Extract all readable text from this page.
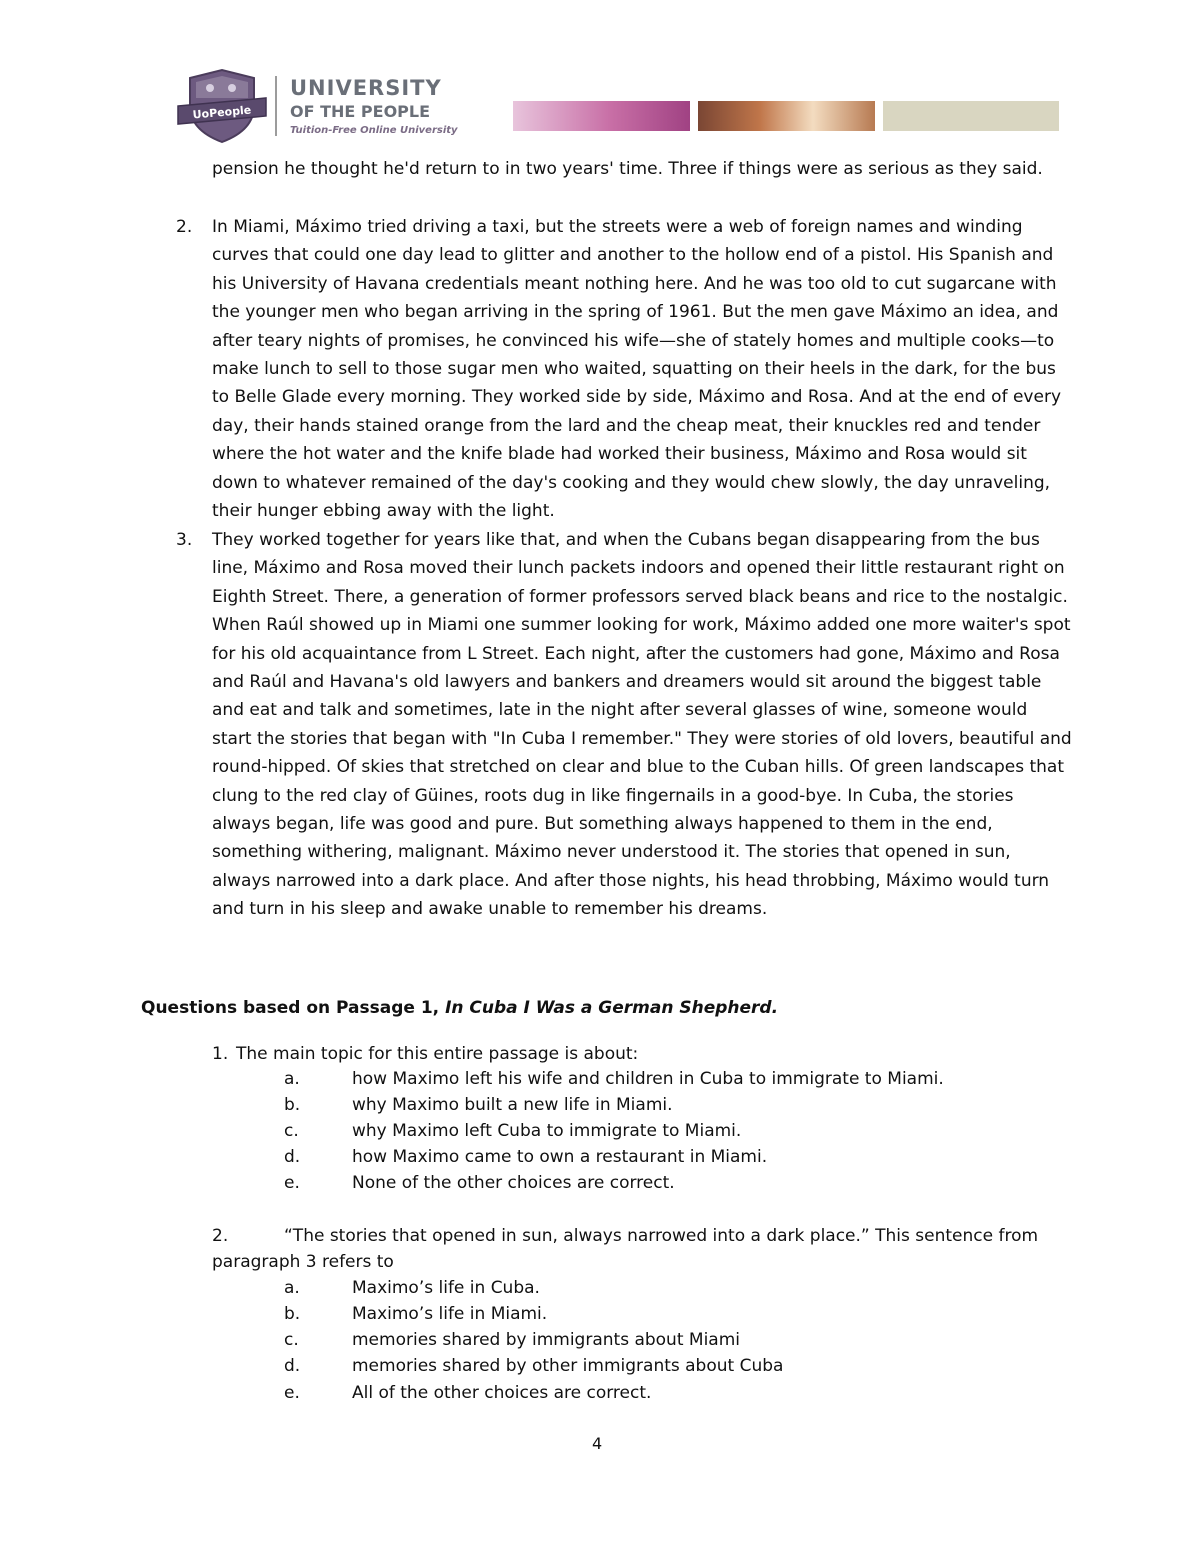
UoPeople
UNIVERSITY
OF THE PEOPLE
Tuition-Free Online University
pension he thought he'd return to in two years' time. Three if things were as serious as they said.
2.	In Miami, Máximo tried driving a taxi, but the streets were a web of foreign names and winding curves that could one day lead to glitter and another to the hollow end of a pistol. His Spanish and his University of Havana credentials meant nothing here. And he was too old to cut sugarcane with the younger men who began arriving in the spring of 1961. But the men gave Máximo an idea, and after teary nights of promises, he convinced his wife—she of stately homes and multiple cooks—to make lunch to sell to those sugar men who waited, squatting on their heels in the dark, for the bus to Belle Glade every morning. They worked side by side, Máximo and Rosa. And at the end of every day, their hands stained orange from the lard and the cheap meat, their knuckles red and tender where the hot water and the knife blade had worked their business, Máximo and Rosa would sit down to whatever remained of the day's cooking and they would chew slowly, the day unraveling, their hunger ebbing away with the light.
3.	They worked together for years like that, and when the Cubans began disappearing from the bus line, Máximo and Rosa moved their lunch packets indoors and opened their little restaurant right on Eighth Street. There, a generation of former professors served black beans and rice to the nostalgic. When Raúl showed up in Miami one summer looking for work, Máximo added one more waiter's spot for his old acquaintance from L Street. Each night, after the customers had gone, Máximo and Rosa and Raúl and Havana's old lawyers and bankers and dreamers would sit around the biggest table and eat and talk and sometimes, late in the night after several glasses of wine, someone would start the stories that began with "In Cuba I remember." They were stories of old lovers, beautiful and round-hipped. Of skies that stretched on clear and blue to the Cuban hills. Of green landscapes that clung to the red clay of Güines, roots dug in like fingernails in a good-bye. In Cuba, the stories always began, life was good and pure. But something always happened to them in the end, something withering, malignant. Máximo never understood it. The stories that opened in sun, always narrowed into a dark place. And after those nights, his head throbbing, Máximo would turn and turn in his sleep and awake unable to remember his dreams.
Questions based on Passage 1, In Cuba I Was a German Shepherd.
1. The main topic for this entire passage is about:
a.	how Maximo left his wife and children in Cuba to immigrate to Miami.
b.	why Maximo built a new life in Miami.
c.	why Maximo left Cuba to immigrate to Miami.
d.	how Maximo came to own a restaurant in Miami.
e.	None of the other choices are correct.
2.	“The stories that opened in sun, always narrowed into a dark place.” This sentence from
paragraph 3 refers to
a.	Maximo’s life in Cuba.
b.	Maximo’s life in Miami.
c.	memories shared by immigrants about Miami
d.	memories shared by other immigrants about Cuba
e.	All of the other choices are correct.
4
